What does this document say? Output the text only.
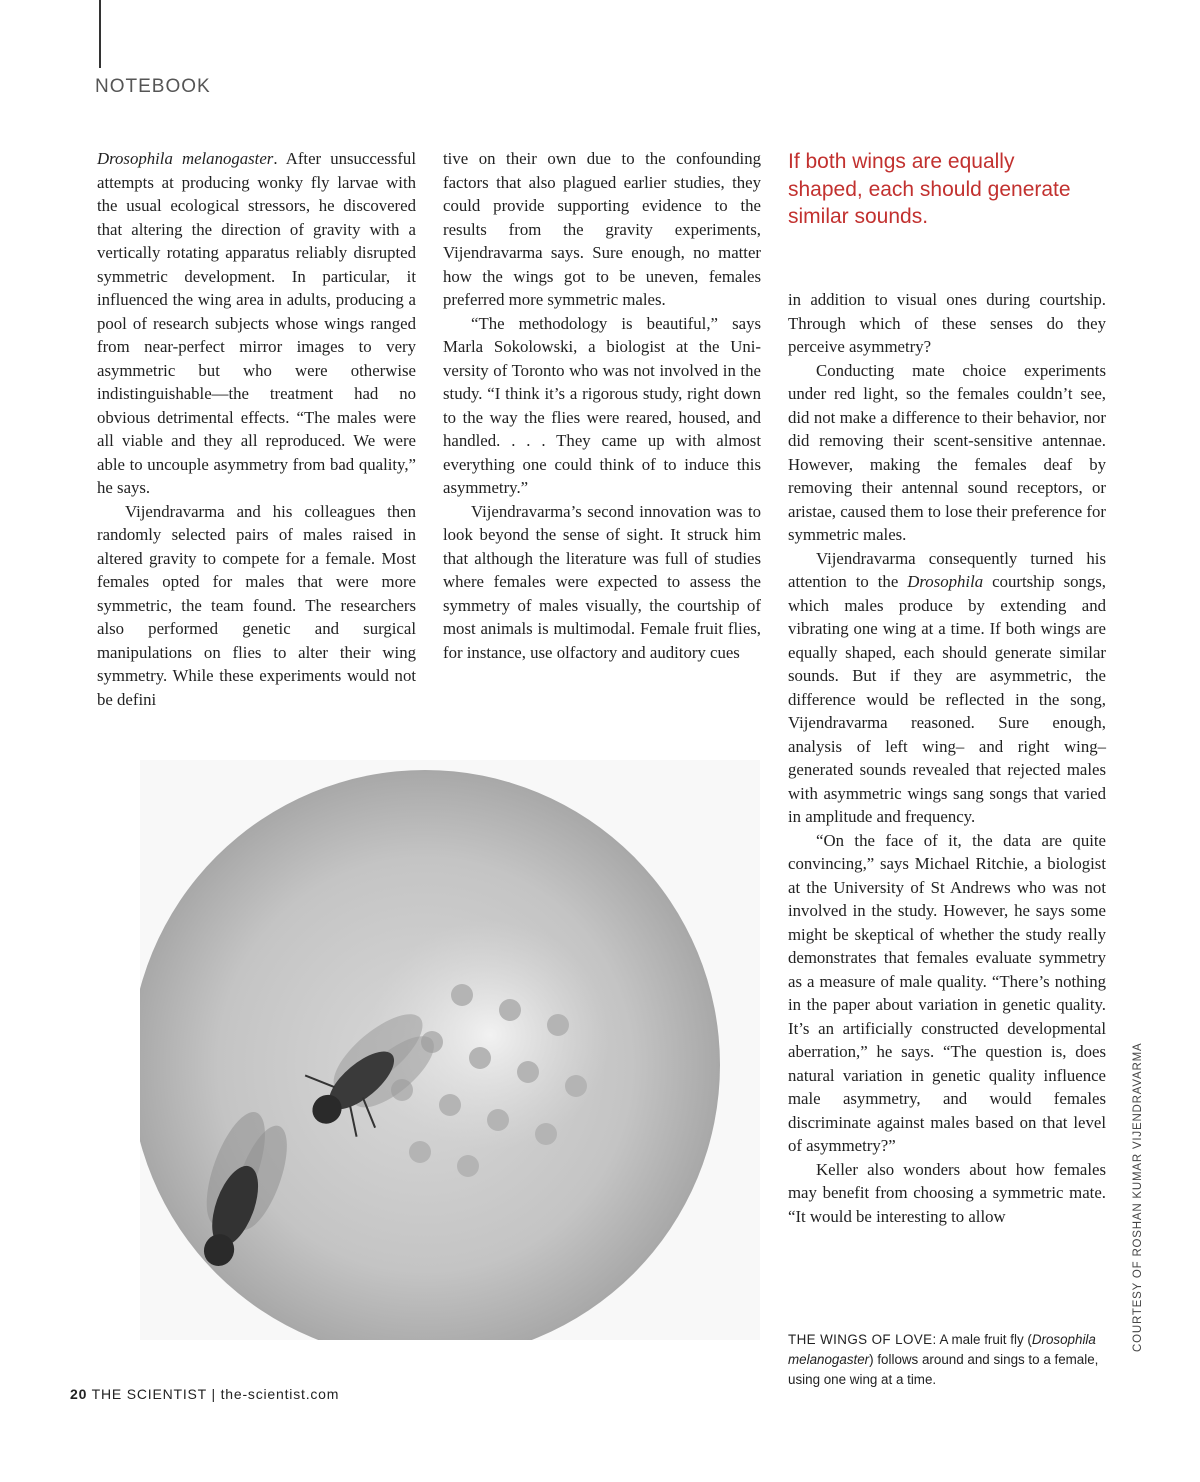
NOTEBOOK

Drosophila melanogaster. After unsuccessful attempts at producing wonky fly larvae with the usual ecological stressors, he discovered that altering the direction of gravity with a vertically rotating apparatus reliably disrupted symmetric development. In particular, it influenced the wing area in adults, producing a pool of research subjects whose wings ranged from near-perfect mirror images to very asymmetric but who were otherwise indistinguishable—the treatment had no obvious detrimental effects. “The males were all viable and they all reproduced. We were able to uncouple asymmetry from bad quality,” he says.

Vijendravarma and his colleagues then randomly selected pairs of males raised in altered gravity to compete for a female. Most females opted for males that were more symmetric, the team found. The researchers also performed genetic and surgical manipulations on flies to alter their wing symmetry. While these experiments would not be defini

tive on their own due to the confounding factors that also plagued earlier studies, they could provide supporting evidence to the results from the gravity experiments, Vijendravarma says. Sure enough, no matter how the wings got to be uneven, females preferred more symmetric males.

“The methodology is beautiful,” says Marla Sokolowski, a biologist at the University of Toronto who was not involved in the study. “I think it’s a rigorous study, right down to the way the flies were reared, housed, and handled. . . . They came up with almost everything one could think of to induce this asymmetry.”

Vijendravarma’s second innovation was to look beyond the sense of sight. It struck him that although the literature was full of studies where females were expected to assess the symmetry of males visually, the courtship of most animals is multimodal. Female fruit flies, for instance, use olfactory and auditory cues

If both wings are equally shaped, each should generate similar sounds.

in addition to visual ones during courtship. Through which of these senses do they perceive asymmetry?

Conducting mate choice experiments under red light, so the females couldn’t see, did not make a difference to their behavior, nor did removing their scent-sensitive antennae. However, making the females deaf by removing their antennal sound receptors, or aristae, caused them to lose their preference for symmetric males.

Vijendravarma consequently turned his attention to the Drosophila courtship songs, which males produce by extending and vibrating one wing at a time. If both wings are equally shaped, each should generate similar sounds. But if they are asymmetric, the difference would be reflected in the song, Vijendravarma reasoned. Sure enough, analysis of left wing– and right wing–generated sounds revealed that rejected males with asymmetric wings sang songs that varied in amplitude and frequency.

“On the face of it, the data are quite convincing,” says Michael Ritchie, a biologist at the University of St Andrews who was not involved in the study. However, he says some might be skeptical of whether the study really demonstrates that females evaluate symmetry as a measure of male quality. “There’s nothing in the paper about variation in genetic quality. It’s an artificially constructed developmental aberration,” he says. “The question is, does natural variation in genetic quality influence male asymmetry, and would females discriminate against males based on that level of asymmetry?”

Keller also wonders about how females may benefit from choosing a symmetric mate. “It would be interesting to allow

THE WINGS OF LOVE: A male fruit fly (Drosophila melanogaster) follows around and sings to a female, using one wing at a time.
COURTESY OF ROSHAN KUMAR VIJENDRAVARMA
20 THE SCIENTIST | the-scientist.com
